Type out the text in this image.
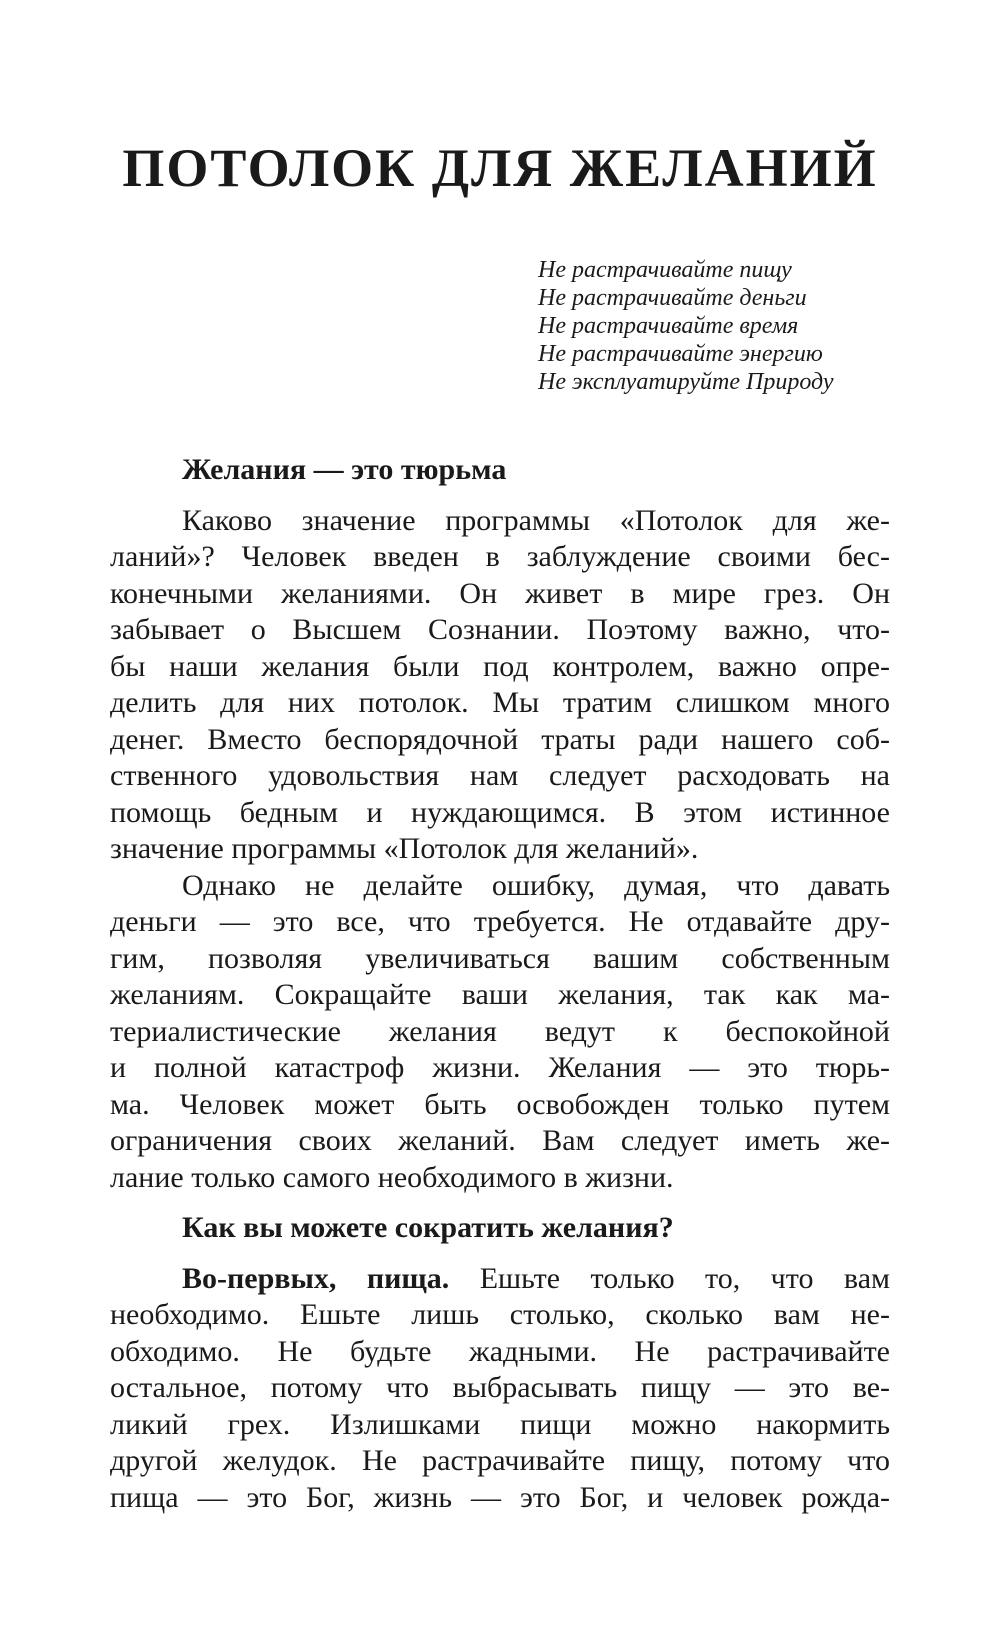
ПОТОЛОК ДЛЯ ЖЕЛАНИЙ
Не растрачивайте пищу
Не растрачивайте деньги
Не растрачивайте время
Не растрачивайте энергию
Не эксплуатируйте Природу

Желания — это тюрьма

Каково значение программы «Потолок для же-
ланий»? Человек введен в заблуждение своими бес-
конечными желаниями. Он живет в мире грез. Он
забывает о Высшем Сознании. Поэтому важно, что-
бы наши желания были под контролем, важно опре-
делить для них потолок. Мы тратим слишком много
денег. Вместо беспорядочной траты ради нашего соб-
ственного удовольствия нам следует расходовать на
помощь бедным и нуждающимся. В этом истинное
значение программы «Потолок для желаний».
Однако не делайте ошибку, думая, что давать
деньги — это все, что требуется. Не отдавайте дру-
гим, позволяя увеличиваться вашим собственным
желаниям. Сокращайте ваши желания, так как ма-
териалистические желания ведут к беспокойной
и полной катастроф жизни. Желания — это тюрь-
ма. Человек может быть освобожден только путем
ограничения своих желаний. Вам следует иметь же-
лание только самого необходимого в жизни.

Как вы можете сократить желания?

Во-первых, пища. Ешьте только то, что вам
необходимо. Ешьте лишь столько, сколько вам не-
обходимо. Не будьте жадными. Не растрачивайте
остальное, потому что выбрасывать пищу — это ве-
ликий грех. Излишками пищи можно накормить
другой желудок. Не растрачивайте пищу, потому что
пища — это Бог, жизнь — это Бог, и человек рожда-
